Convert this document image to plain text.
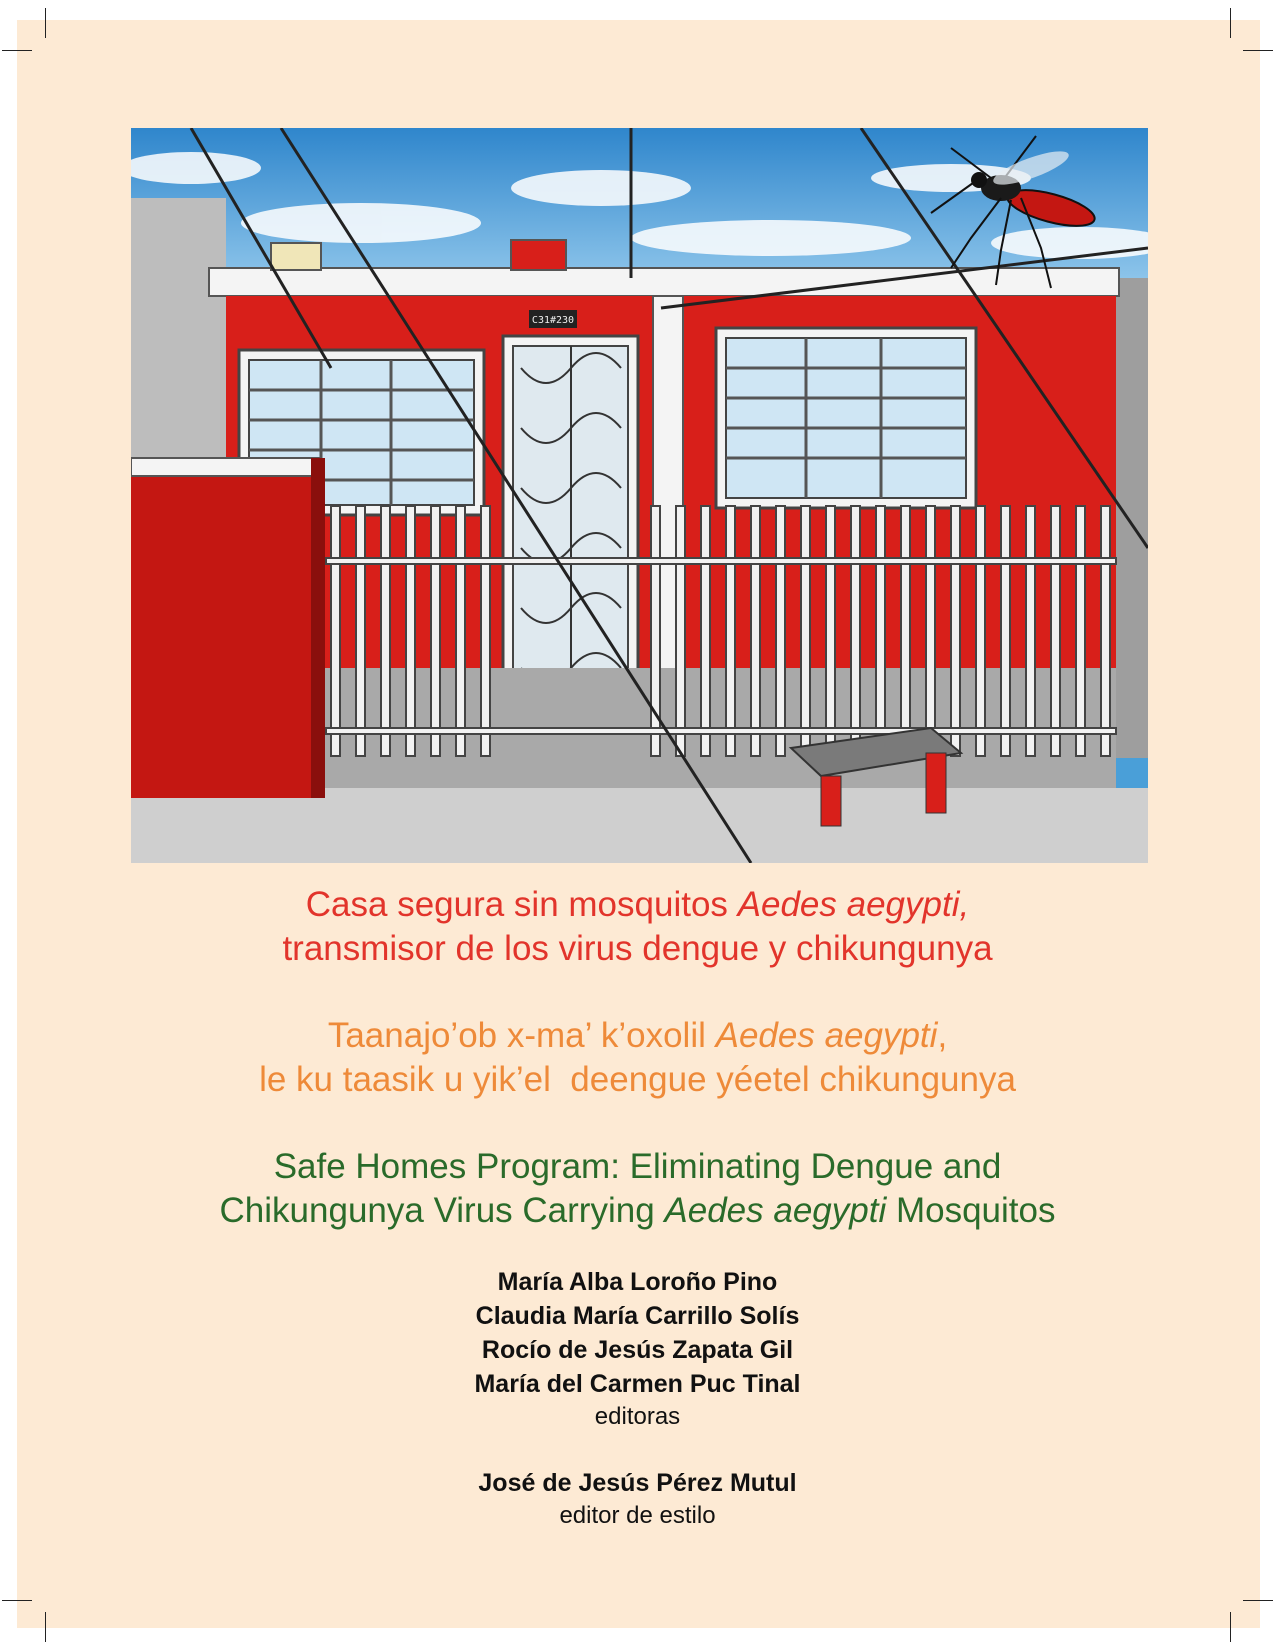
C31#230
Casa segura sin mosquitos Aedes aegypti,
transmisor de los virus dengue y chikungunya
Taanajo’ob x-ma’ k’oxolil Aedes aegypti,
le ku taasik u yik’el  deengue yéetel chikungunya
Safe Homes Program: Eliminating Dengue and
Chikungunya Virus Carrying Aedes aegypti Mosquitos
María Alba Loroño Pino
Claudia María Carrillo Solís
Rocío de Jesús Zapata Gil
María del Carmen Puc Tinal
editoras
José de Jesús Pérez Mutul
editor de estilo
